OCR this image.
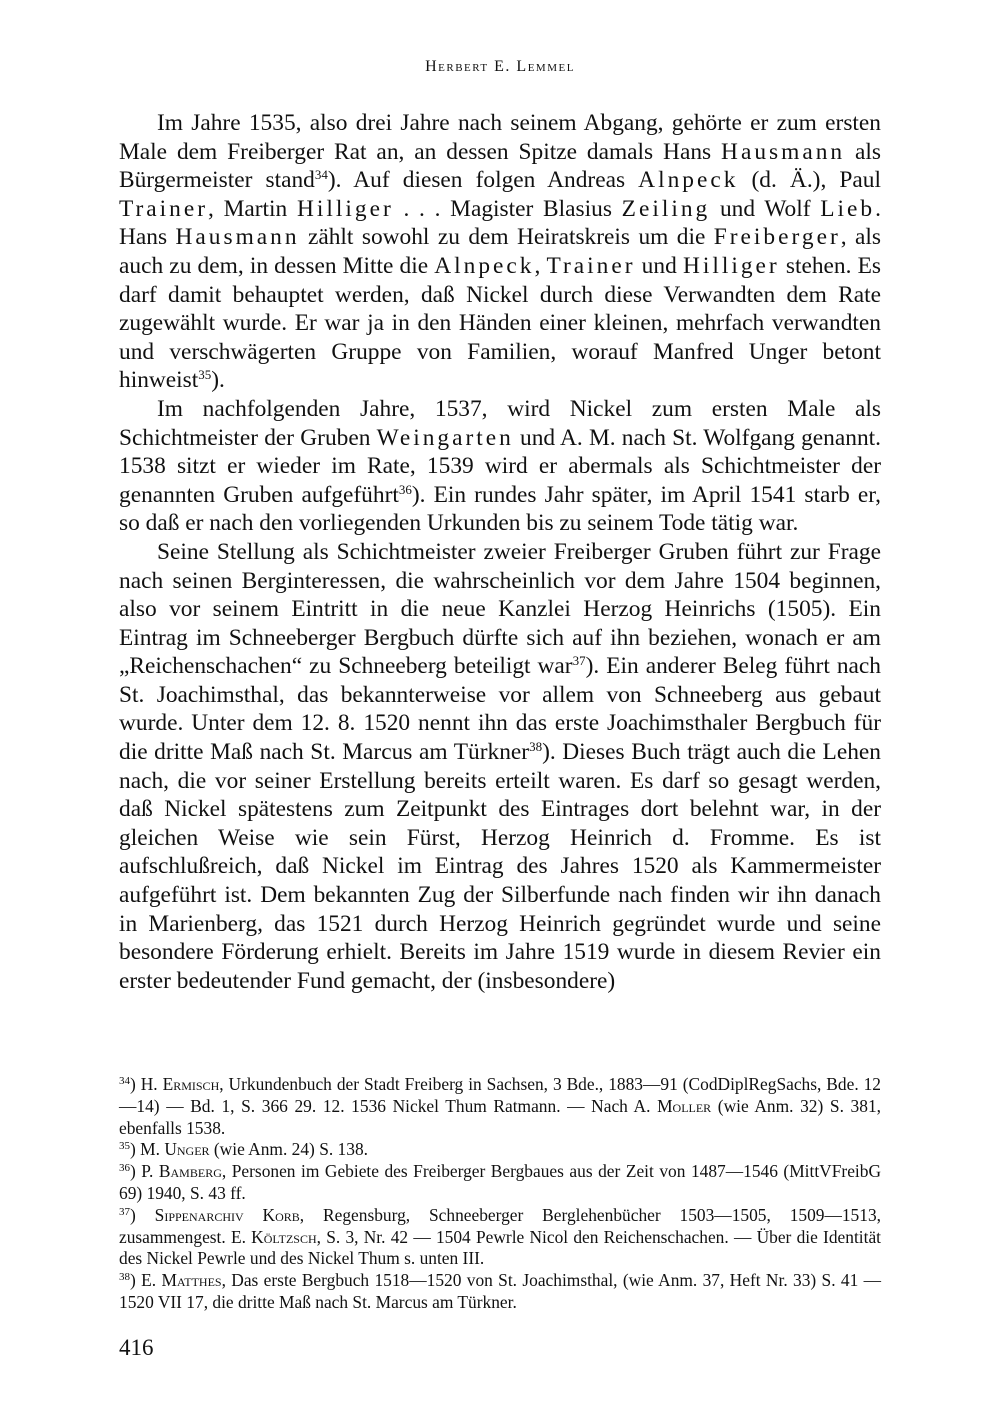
Herbert E. Lemmel

Im Jahre 1535, also drei Jahre nach seinem Abgang, gehörte er zum ersten Male dem Freiberger Rat an, an dessen Spitze damals Hans Hausmann als Bürgermeister stand$^{34}$). Auf diesen folgen Andreas Alnpeck (d. Ä.), Paul Trainer, Martin Hilliger . . . Magister Blasius Zeiling und Wolf Lieb. Hans Hausmann zählt sowohl zu dem Heiratskreis um die Freiberger, als auch zu dem, in dessen Mitte die Alnpeck, Trainer und Hilliger stehen. Es darf damit behauptet werden, daß Nickel durch diese Verwandten dem Rate zugewählt wurde. Er war ja in den Händen einer kleinen, mehrfach verwandten und verschwägerten Gruppe von Familien, worauf Manfred Unger betont hinweist$^{35}$).

Im nachfolgenden Jahre, 1537, wird Nickel zum ersten Male als Schichtmeister der Gruben Weingarten und A. M. nach St. Wolfgang genannt. 1538 sitzt er wieder im Rate, 1539 wird er abermals als Schichtmeister der genannten Gruben aufgeführt$^{36}$). Ein rundes Jahr später, im April 1541 starb er, so daß er nach den vorliegenden Urkunden bis zu seinem Tode tätig war.

Seine Stellung als Schichtmeister zweier Freiberger Gruben führt zur Frage nach seinen Berginteressen, die wahrscheinlich vor dem Jahre 1504 beginnen, also vor seinem Eintritt in die neue Kanzlei Herzog Heinrichs (1505). Ein Eintrag im Schneeberger Bergbuch dürfte sich auf ihn beziehen, wonach er am „Reichenschachen“ zu Schneeberg beteiligt war$^{37}$). Ein anderer Beleg führt nach St. Joachimsthal, das bekannterweise vor allem von Schneeberg aus gebaut wurde. Unter dem 12. 8. 1520 nennt ihn das erste Joachimsthaler Bergbuch für die dritte Maß nach St. Marcus am Türkner$^{38}$). Dieses Buch trägt auch die Lehen nach, die vor seiner Erstellung bereits erteilt waren. Es darf so gesagt werden, daß Nickel spätestens zum Zeitpunkt des Eintrages dort belehnt war, in der gleichen Weise wie sein Fürst, Herzog Heinrich d. Fromme. Es ist aufschlußreich, daß Nickel im Eintrag des Jahres 1520 als Kammermeister aufgeführt ist. Dem bekannten Zug der Silberfunde nach finden wir ihn danach in Marienberg, das 1521 durch Herzog Heinrich gegründet wurde und seine besondere Förderung erhielt. Bereits im Jahre 1519 wurde in diesem Revier ein erster bedeutender Fund gemacht, der (insbesondere)

$^{34}$) H. Ermisch, Urkundenbuch der Stadt Freiberg in Sachsen, 3 Bde., 1883—91 (CodDiplRegSachs, Bde. 12—14) — Bd. 1, S. 366 29. 12. 1536 Nickel Thum Ratmann. — Nach A. Moller (wie Anm. 32) S. 381, ebenfalls 1538.

$^{35}$) M. Unger (wie Anm. 24) S. 138.

$^{36}$) P. Bamberg, Personen im Gebiete des Freiberger Bergbaues aus der Zeit von 1487—1546 (MittVFreibG 69) 1940, S. 43 ff.

$^{37}$) Sippenarchiv Korb, Regensburg, Schneeberger Berglehenbücher 1503—1505, 1509—1513, zusammengest. E. Költzsch, S. 3, Nr. 42 — 1504 Pewrle Nicol den Reichenschachen. — Über die Identität des Nickel Pewrle und des Nickel Thum s. unten III.

$^{38}$) E. Matthes, Das erste Bergbuch 1518—1520 von St. Joachimsthal, (wie Anm. 37, Heft Nr. 33) S. 41 — 1520 VII 17, die dritte Maß nach St. Marcus am Türkner.

416
